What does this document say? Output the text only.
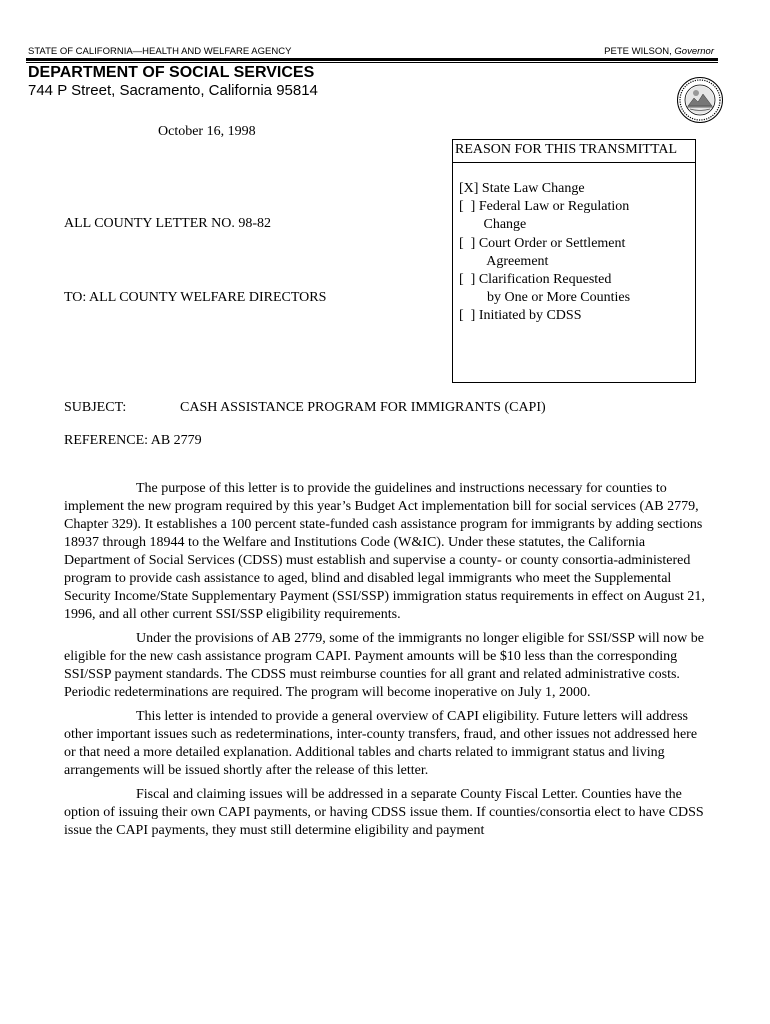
STATE OF CALIFORNIA—HEALTH AND WELFARE AGENCY	PETE WILSON, Governor
DEPARTMENT OF SOCIAL SERVICES
744 P Street, Sacramento, California 95814
October 16, 1998
REASON FOR THIS TRANSMITTAL
[X] State Law Change
[  ] Federal Law or Regulation
Change
[  ] Court Order or Settlement
Agreement
[  ] Clarification Requested
by One or More Counties
[  ] Initiated by CDSS
ALL COUNTY LETTER NO. 98-82
TO: ALL COUNTY WELFARE DIRECTORS
SUBJECT:	CASH ASSISTANCE PROGRAM FOR IMMIGRANTS (CAPI)
REFERENCE: AB 2779

The purpose of this letter is to provide the guidelines and instructions necessary for counties to implement the new program required by this year’s Budget Act implementation bill for social services (AB 2779, Chapter 329). It establishes a 100 percent state-funded cash assistance program for immigrants by adding sections 18937 through 18944 to the Welfare and Institutions Code (W&IC). Under these statutes, the California Department of Social Services (CDSS) must establish and supervise a county- or county consortia-administered program to provide cash assistance to aged, blind and disabled legal immigrants who meet the Supplemental Security Income/State Supplementary Payment (SSI/SSP) immigration status requirements in effect on August 21, 1996, and all other current SSI/SSP eligibility requirements.

Under the provisions of AB 2779, some of the immigrants no longer eligible for SSI/SSP will now be eligible for the new cash assistance program CAPI. Payment amounts will be $10 less than the corresponding SSI/SSP payment standards. The CDSS must reimburse counties for all grant and related administrative costs. Periodic redeterminations are required. The program will become inoperative on July 1, 2000.

This letter is intended to provide a general overview of CAPI eligibility. Future letters will address other important issues such as redeterminations, inter-county transfers, fraud, and other issues not addressed here or that need a more detailed explanation. Additional tables and charts related to immigrant status and living arrangements will be issued shortly after the release of this letter.

Fiscal and claiming issues will be addressed in a separate County Fiscal Letter. Counties have the option of issuing their own CAPI payments, or having CDSS issue them. If counties/consortia elect to have CDSS issue the CAPI payments, they must still determine eligibility and payment
